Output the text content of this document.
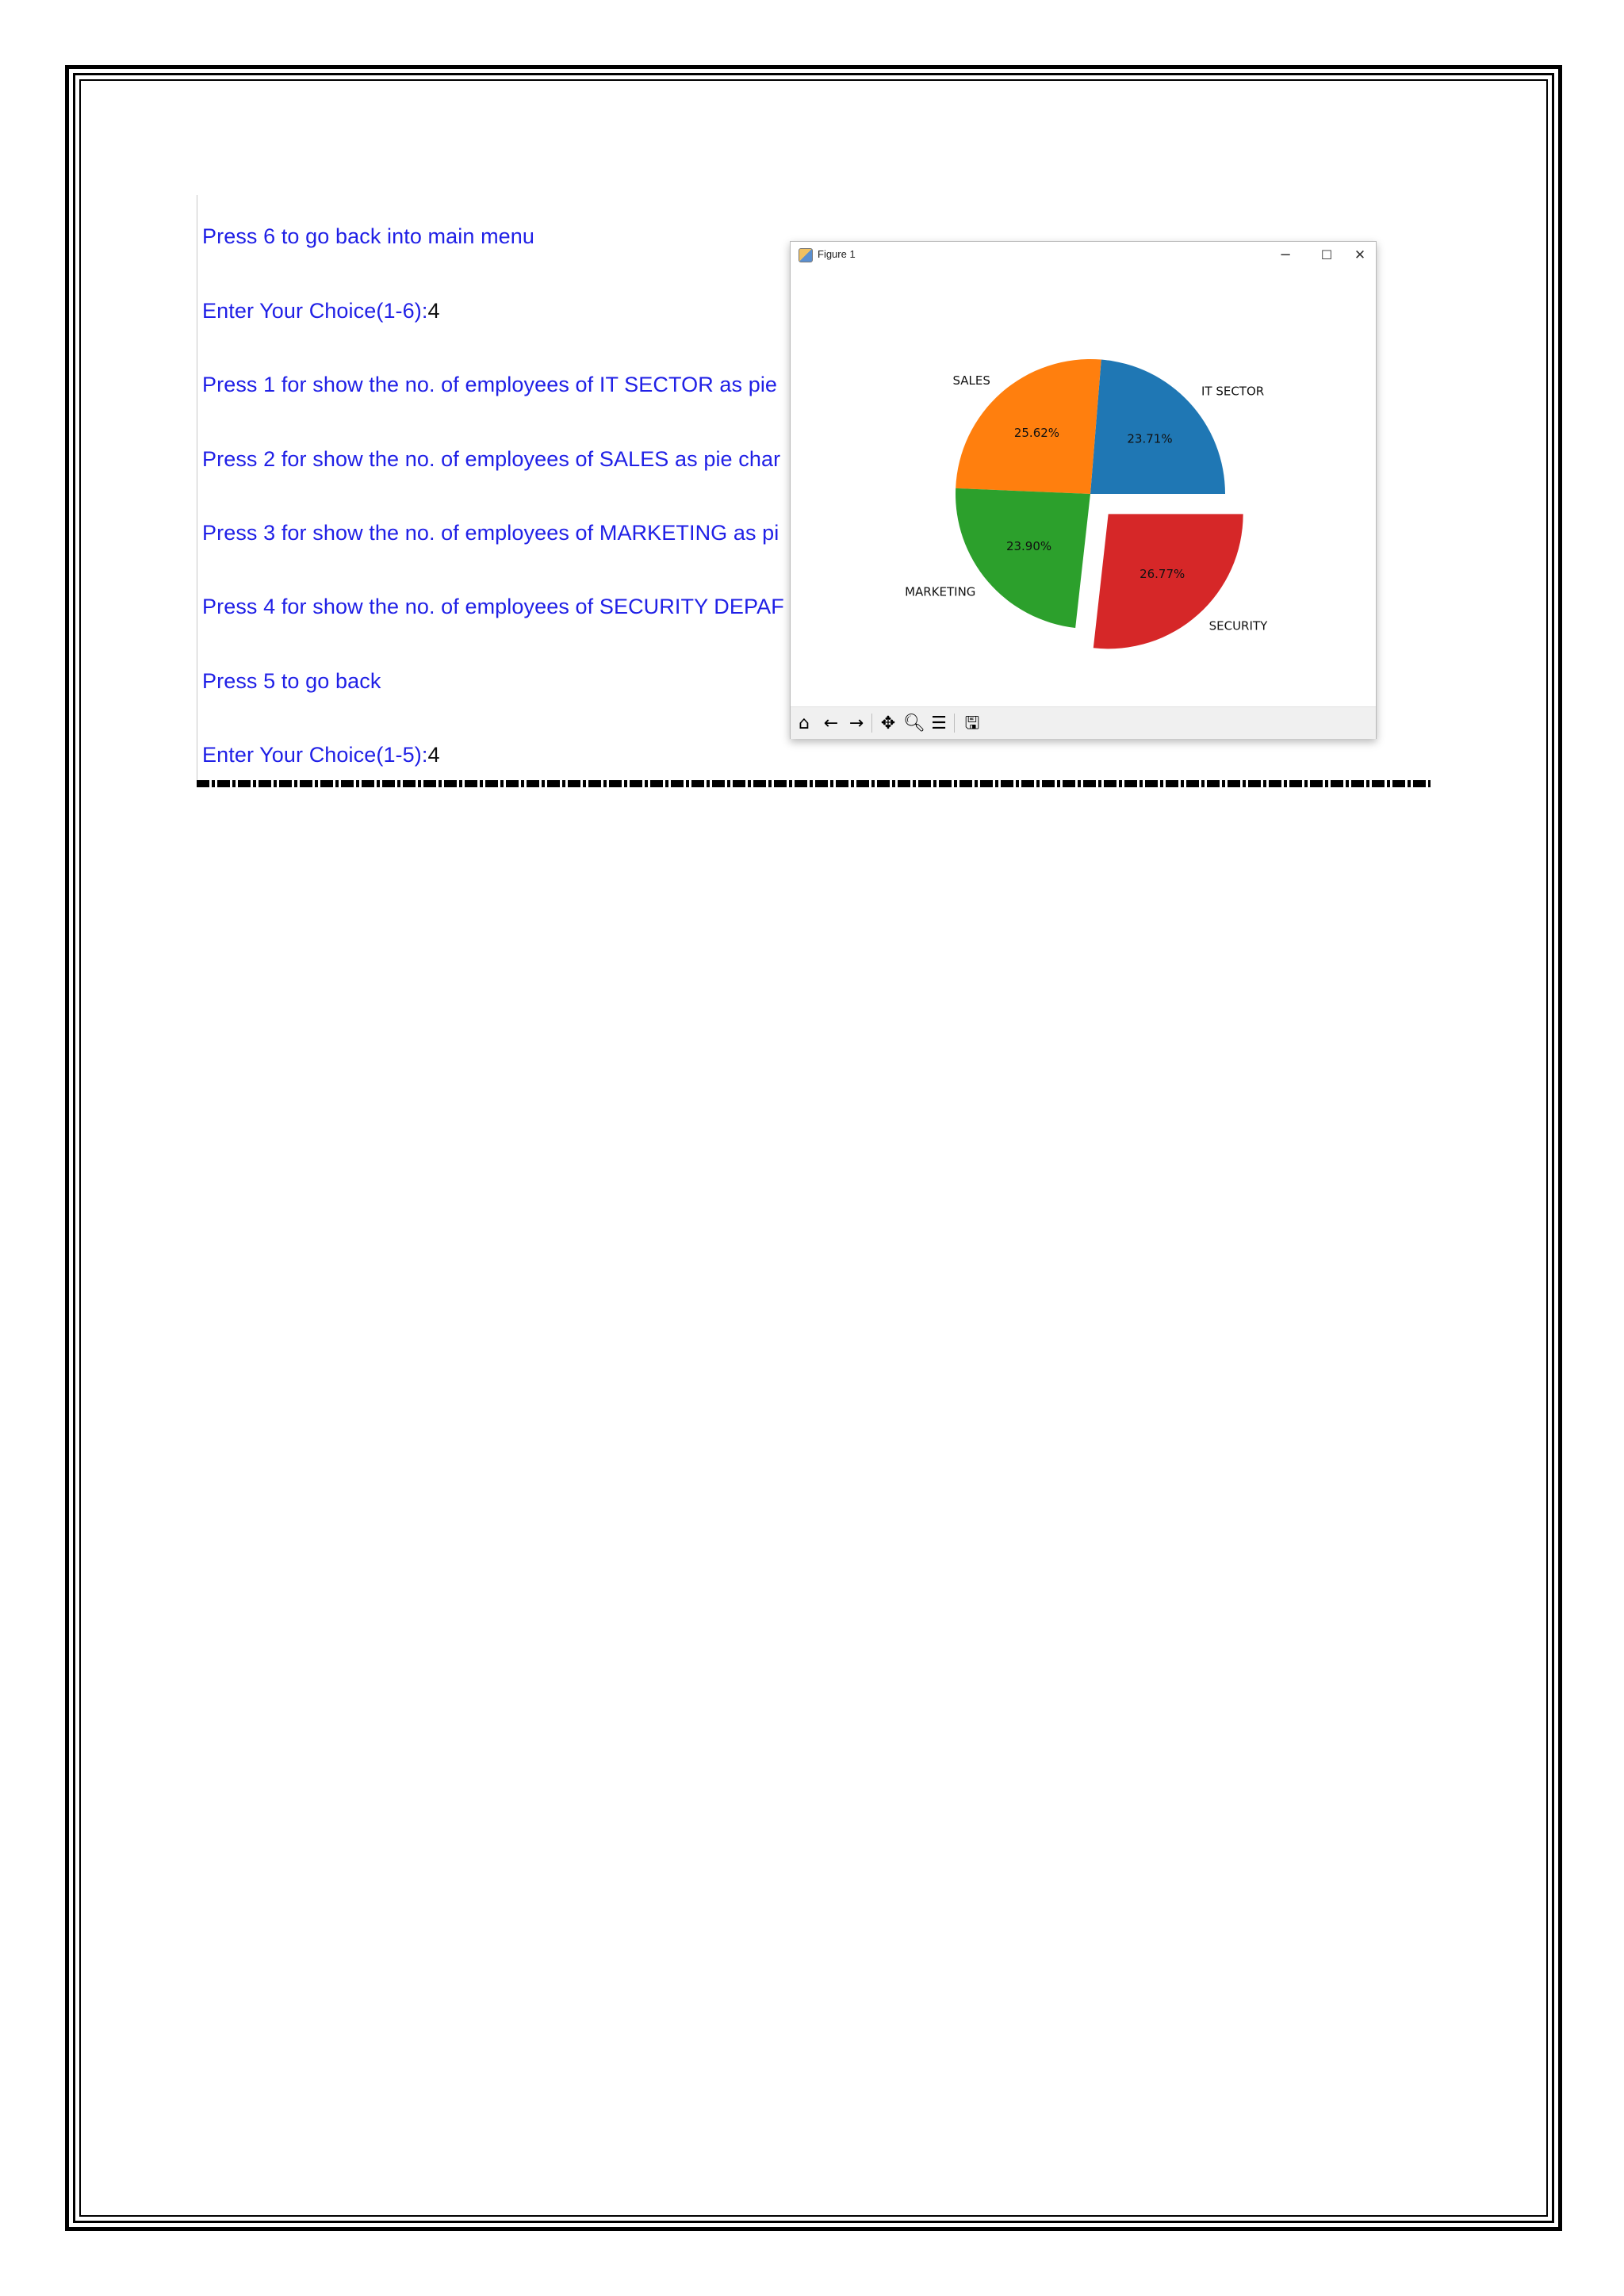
Press 6 to go back into main menu
Enter Your Choice(1-6):4
Press 1 for show the no. of employees of IT SECTOR as pie
Press 2 for show the no. of employees of SALES as pie char
Press 3 for show the no. of employees of MARKETING as pi
Press 4 for show the no. of employees of SECURITY DEPAF
Press 5 to go back
Enter Your Choice(1-5):4
Figure 1	−	☐	✕
23.71%
IT SECTOR
25.62%
SALES
23.90%
MARKETING
26.77%
SECURITY
⌂ ← → ✥ 🔍︎ ☰ 🖫
